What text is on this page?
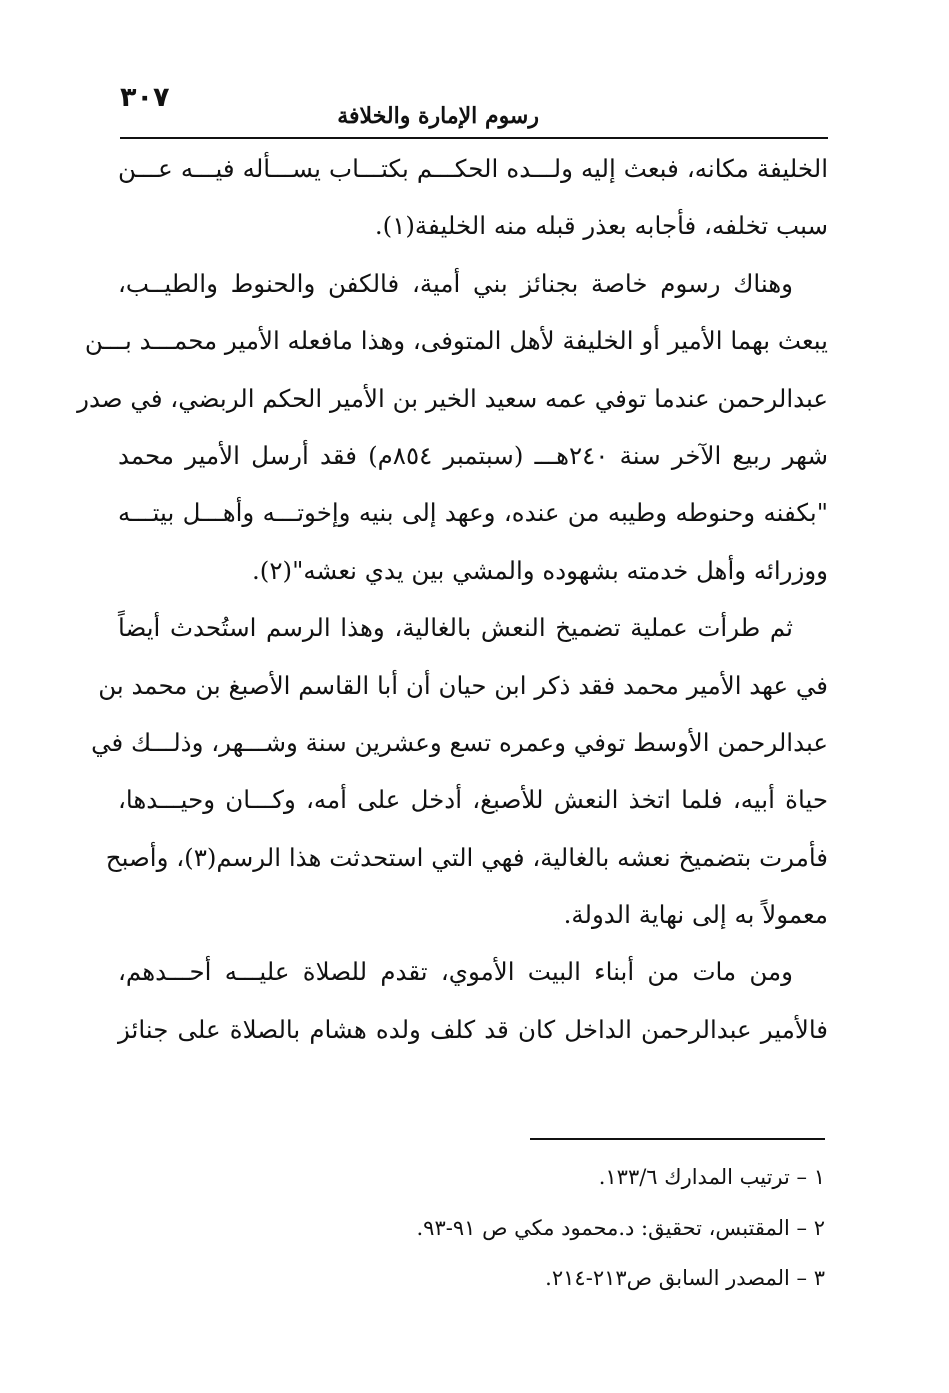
٣٠٧
رسوم الإمارة والخلافة
الخليفة مكانه، فبعث إليه ولـــده الحكـــم بكتـــاب يســـأله فيـــه عـــن
سبب تخلفه، فأجابه بعذر قبله منه الخليفة(١).
وهناك رسوم خاصة بجنائز بني أمية، فالكفن والحنوط والطيــب،
يبعث بهما الأمير أو الخليفة لأهل المتوفى، وهذا مافعله الأمير محمـــد بـــن
عبدالرحمن عندما توفي عمه سعيد الخير بن الأمير الحكم الربضي، في صدر
شهر ربيع الآخر سنة ٢٤٠هـــ (سبتمبر ٨٥٤م) فقد أرسل الأمير محمد
"بكفنه وحنوطه وطيبه من عنده، وعهد إلى بنيه وإخوتـــه وأهـــل بيتـــه
ووزرائه وأهل خدمته بشهوده والمشي بين يدي نعشه"(٢).
ثم طرأت عملية تضميخ النعش بالغالية، وهذا الرسم استُحدث أيضاً
في عهد الأمير محمد فقد ذكر ابن حيان أن أبا القاسم الأصبغ بن محمد بن
عبدالرحمن الأوسط توفي وعمره تسع وعشرين سنة وشـــهر، وذلـــك في
حياة أبيه، فلما اتخذ النعش للأصبغ، أدخل على أمه، وكـــان وحيـــدها،
فأمرت بتضميخ نعشه بالغالية، فهي التي استحدثت هذا الرسم(٣)، وأصبح
معمولاً به إلى نهاية الدولة.
ومن مات من أبناء البيت الأموي، تقدم للصلاة عليـــه أحـــدهم،
فالأمير عبدالرحمن الداخل كان قد كلف ولده هشام بالصلاة على جنائز
١ – ترتيب المدارك ١٣٣/٦.
٢ – المقتبس، تحقيق: د.محمود مكي ص ٩١-٩٣.
٣ – المصدر السابق ص٢١٣-٢١٤.
